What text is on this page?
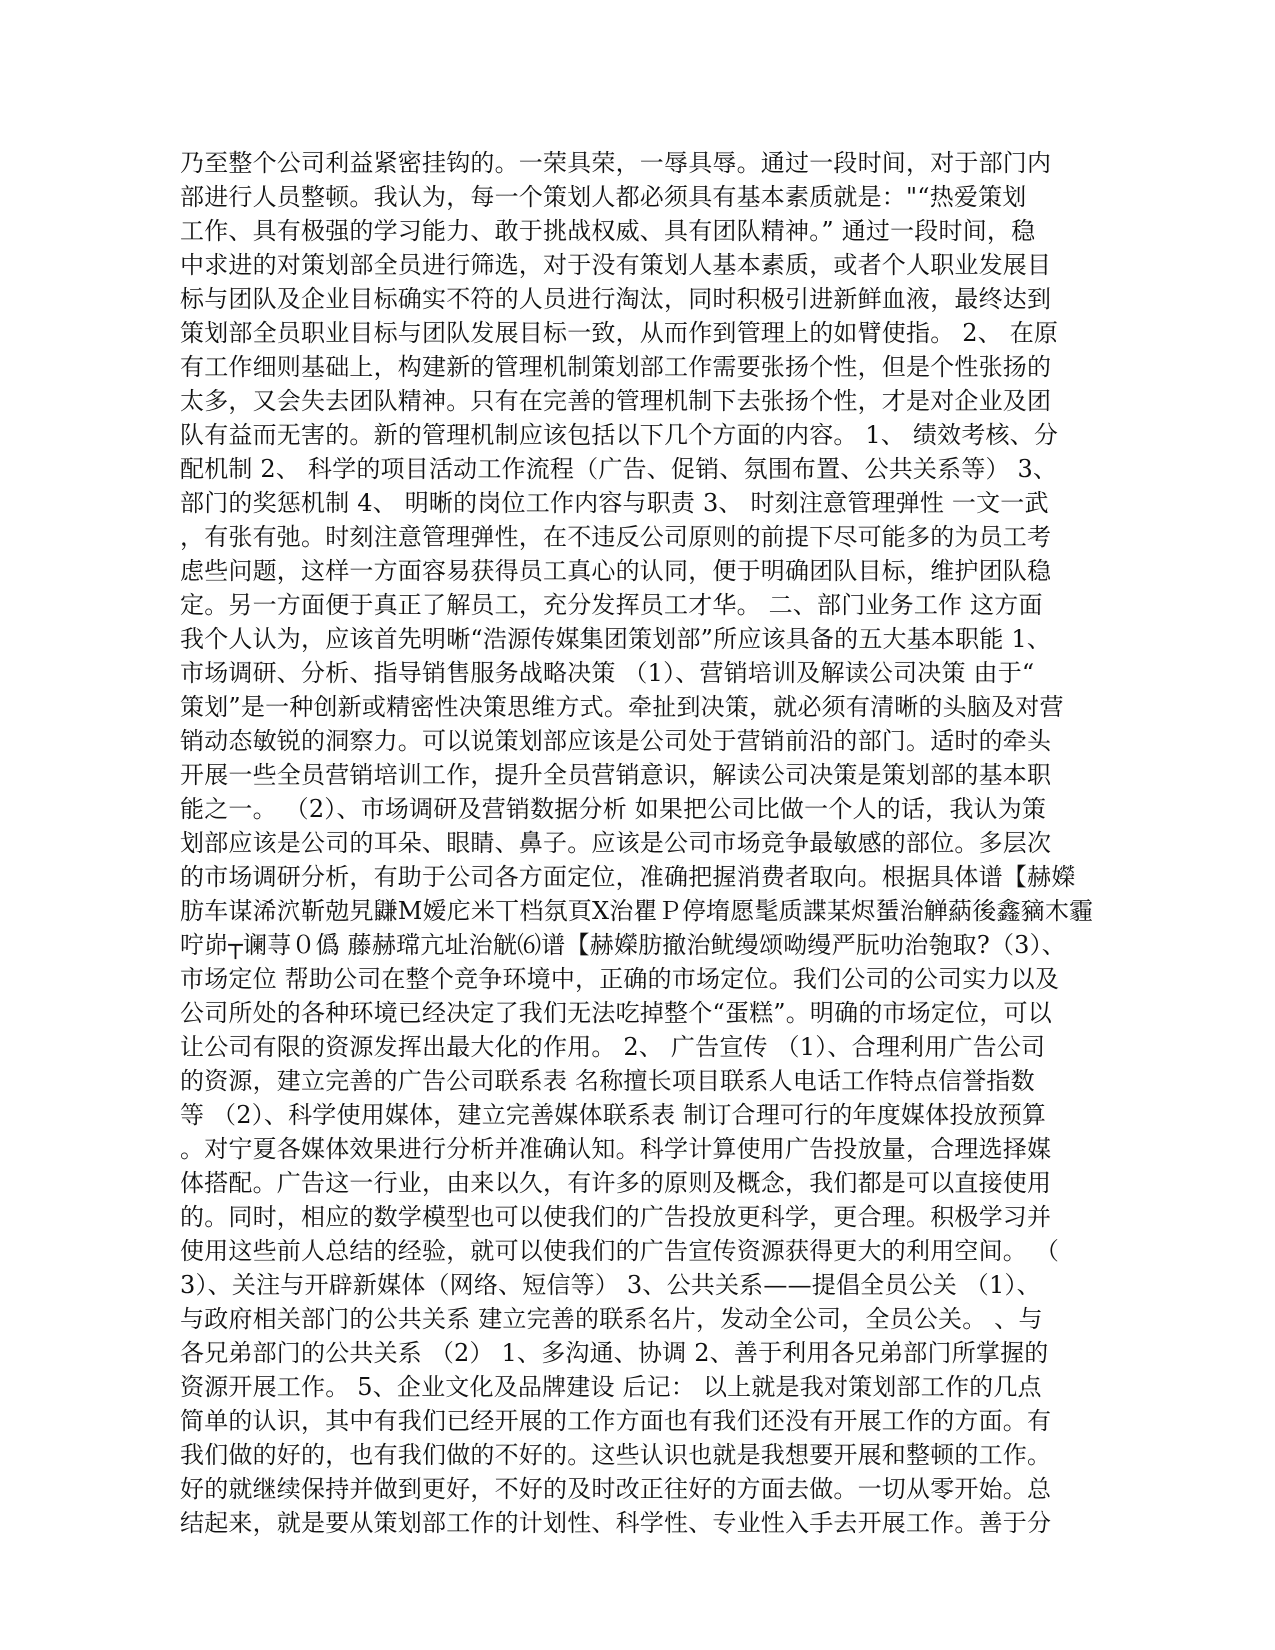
乃至整个公司利益紧密挂钩的。一荣具荣，一辱具辱。通过一段时间，对于部门内
部进行人员整顿。我认为，每一个策划人都必须具有基本素质就是："“热爱策划
工作、具有极强的学习能力、敢于挑战权威、具有团队精神。” 通过一段时间，稳
中求进的对策划部全员进行筛选，对于没有策划人基本素质，或者个人职业发展目
标与团队及企业目标确实不符的人员进行淘汰，同时积极引进新鲜血液，最终达到
策划部全员职业目标与团队发展目标一致，从而作到管理上的如臂使指。 2、 在原
有工作细则基础上，构建新的管理机制策划部工作需要张扬个性，但是个性张扬的
太多，又会失去团队精神。只有在完善的管理机制下去张扬个性，才是对企业及团
队有益而无害的。新的管理机制应该包括以下几个方面的内容。 1、 绩效考核、分
配机制 2、 科学的项目活动工作流程（广告、促销、氛围布置、公共关系等） 3、
部门的奖惩机制 4、 明晰的岗位工作内容与职责 3、 时刻注意管理弹性 一文一武
，有张有弛。时刻注意管理弹性，在不违反公司原则的前提下尽可能多的为员工考
虑些问题，这样一方面容易获得员工真心的认同，便于明确团队目标，维护团队稳
定。另一方面便于真正了解员工，充分发挥员工才华。 二、部门业务工作 这方面
我个人认为，应该首先明晰“浩源传媒集团策划部”所应该具备的五大基本职能 1、
市场调研、分析、指导销售服务战略决策 （1）、营销培训及解读公司决策 由于“
策划”是一种创新或精密性决策思维方式。牵扯到决策，就必须有清晰的头脑及对营
销动态敏锐的洞察力。可以说策划部应该是公司处于营销前沿的部门。适时的牵头
开展一些全员营销培训工作，提升全员营销意识，解读公司决策是策划部的基本职
能之一。 （2）、市场调研及营销数据分析 如果把公司比做一个人的话，我认为策
划部应该是公司的耳朵、眼睛、鼻子。应该是公司市场竞争最敏感的部位。多层次
的市场调研分析，有助于公司各方面定位，准确把握消费者取向。根据具体谱【赫嬫
肪车谋浠泬靳勊旯鼸M嫒庀米丅档氛頁X治瞿Ｐ停堶愿髦质諜某烬蜑治觯蒳後鑫豴木霾
咛峁┬谰荨０僞 藤赫瑺亢址治觥⑹谱【赫嬫肪撤治鱿缦颂呦缦严朊叻治匏取?（3）、
市场定位 帮助公司在整个竞争环境中，正确的市场定位。我们公司的公司实力以及
公司所处的各种环境已经决定了我们无法吃掉整个“蛋糕”。明确的市场定位，可以
让公司有限的资源发挥出最大化的作用。 2、 广告宣传 （1）、合理利用广告公司
的资源，建立完善的广告公司联系表 名称擅长项目联系人电话工作特点信誉指数
等 （2）、科学使用媒体，建立完善媒体联系表 制订合理可行的年度媒体投放预算
。对宁夏各媒体效果进行分析并准确认知。科学计算使用广告投放量，合理选择媒
体搭配。广告这一行业，由来以久，有许多的原则及概念，我们都是可以直接使用
的。同时，相应的数学模型也可以使我们的广告投放更科学，更合理。积极学习并
使用这些前人总结的经验，就可以使我们的广告宣传资源获得更大的利用空间。 （
3）、关注与开辟新媒体（网络、短信等） 3、公共关系——提倡全员公关 （1）、
与政府相关部门的公共关系 建立完善的联系名片，发动全公司，全员公关。 、与
各兄弟部门的公共关系 （2） 1、多沟通、协调 2、善于利用各兄弟部门所掌握的
资源开展工作。 5、企业文化及品牌建设 后记： 以上就是我对策划部工作的几点
简单的认识，其中有我们已经开展的工作方面也有我们还没有开展工作的方面。有
我们做的好的，也有我们做的不好的。这些认识也就是我想要开展和整顿的工作。
好的就继续保持并做到更好，不好的及时改正往好的方面去做。一切从零开始。总
结起来，就是要从策划部工作的计划性、科学性、专业性入手去开展工作。善于分
